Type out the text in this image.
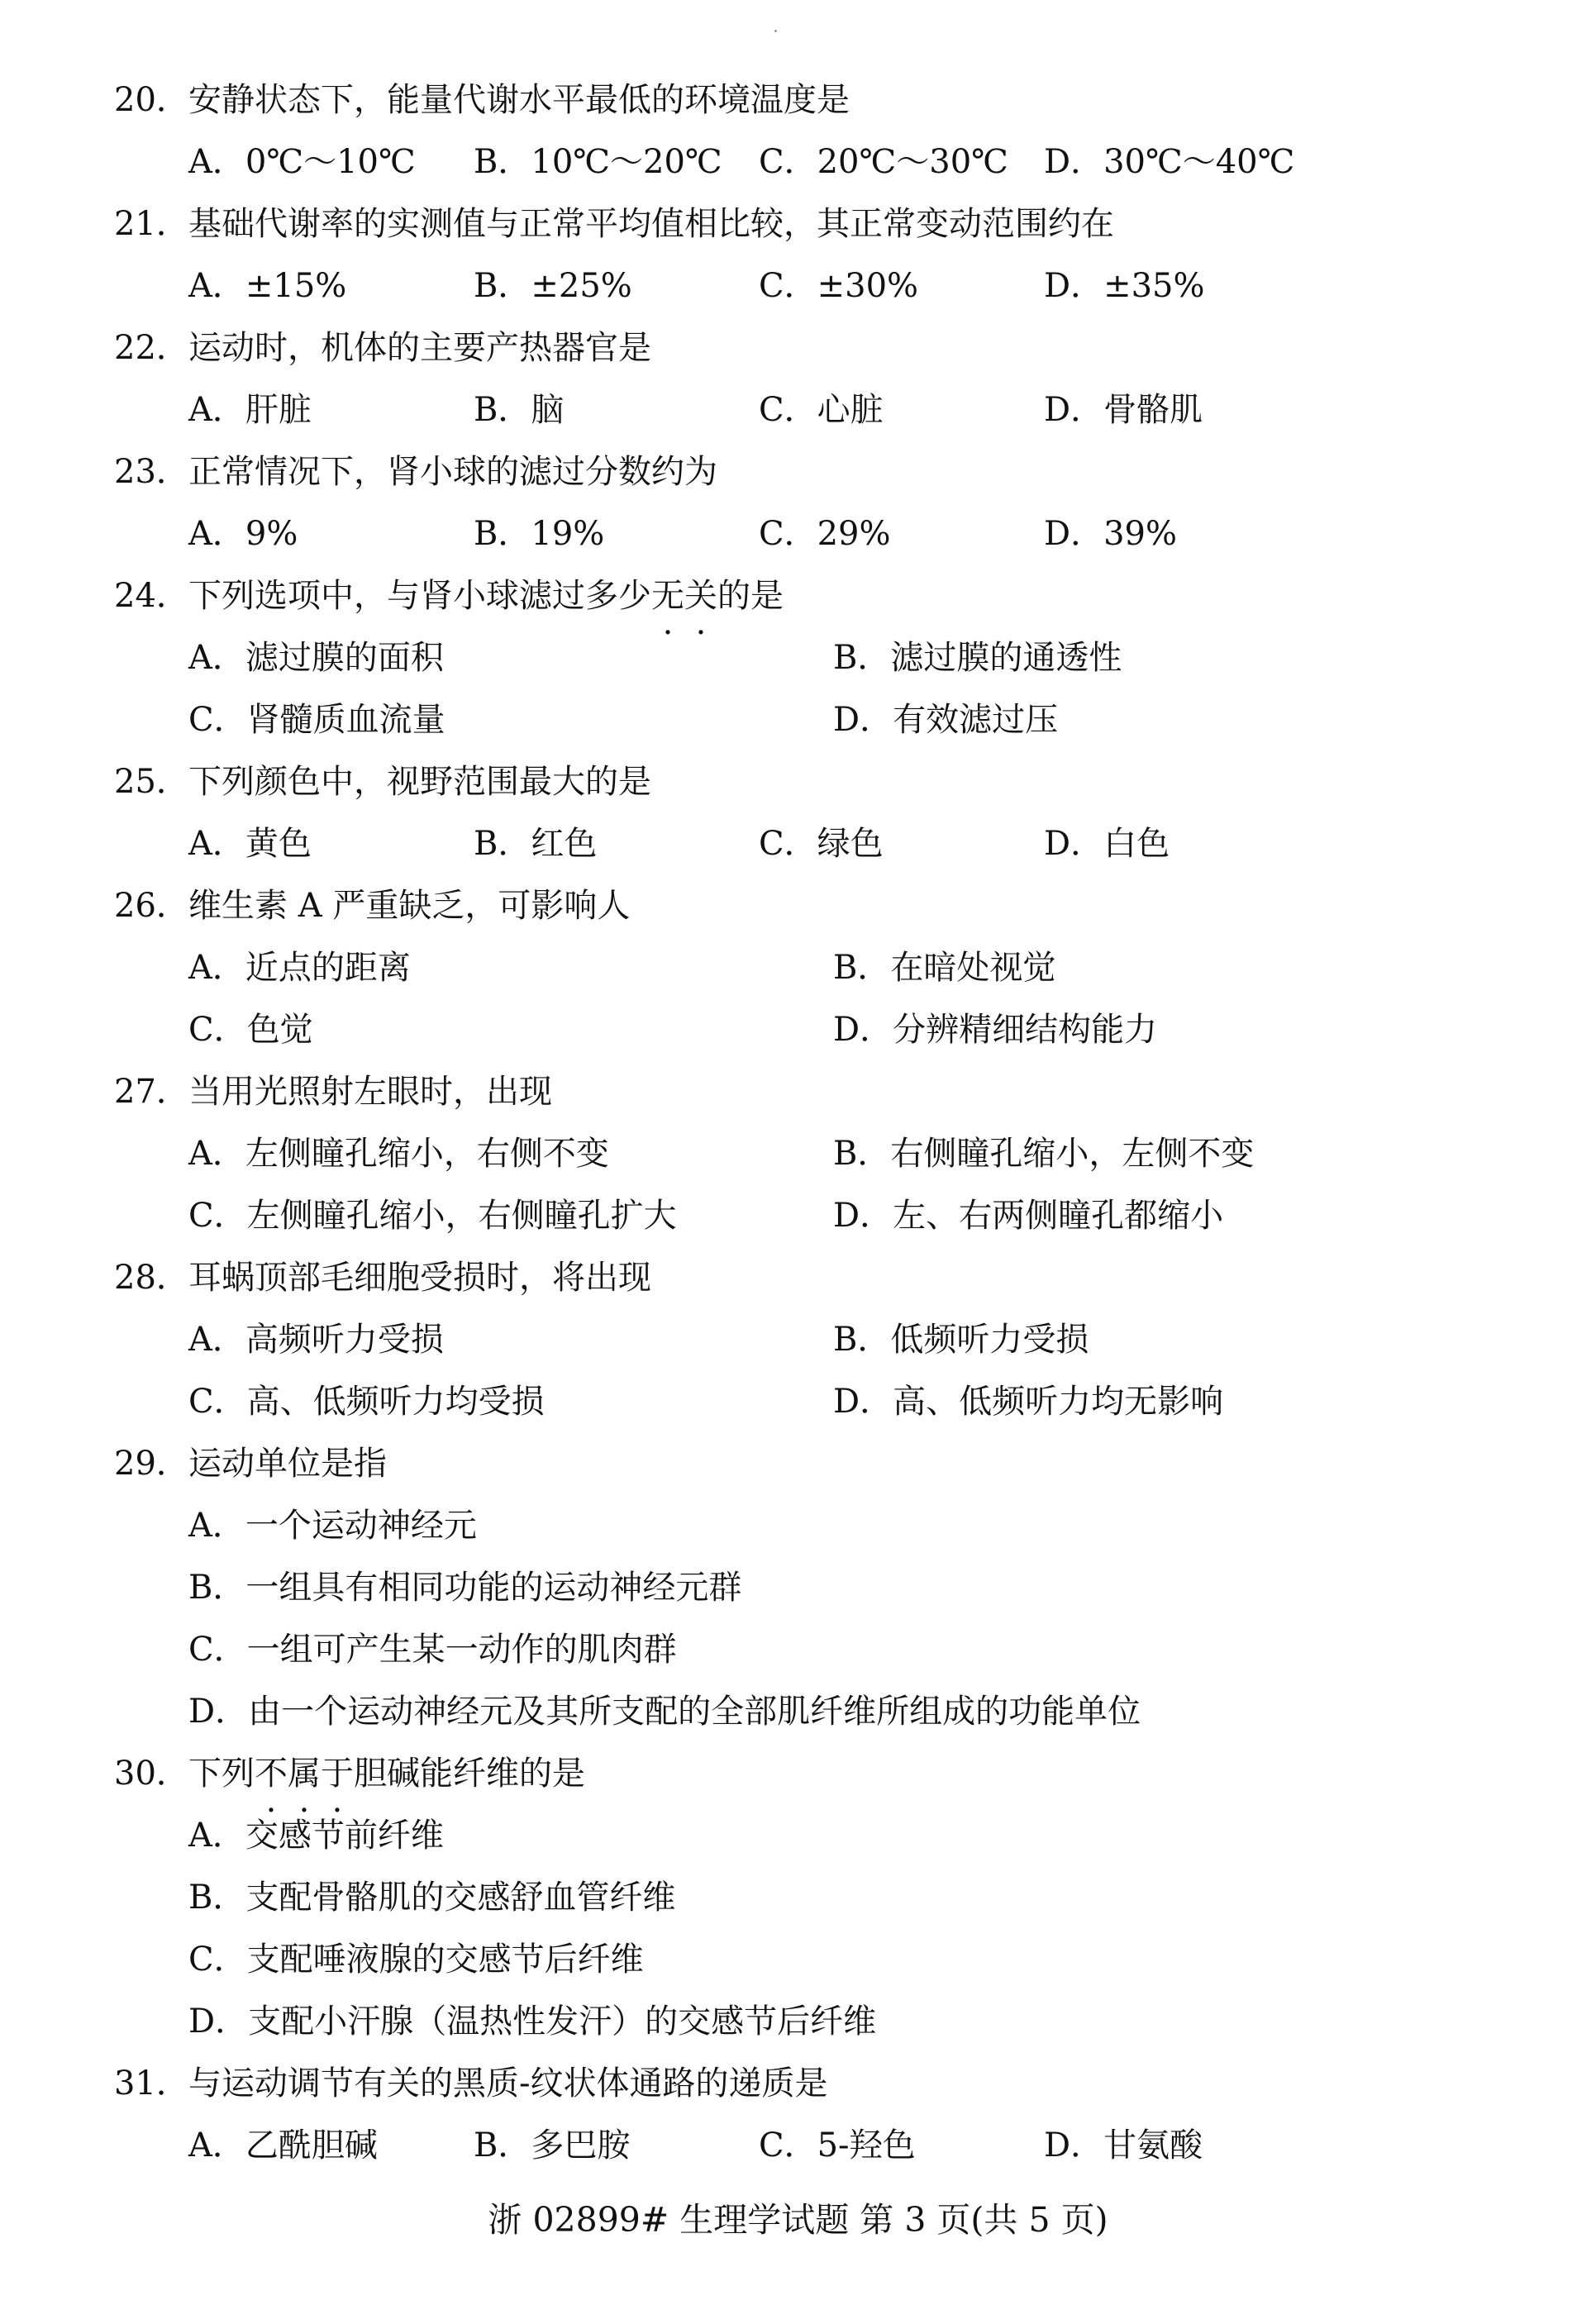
20． 安静状态下，能量代谢水平最低的环境温度是
A．0℃～10℃	B．10℃～20℃	C．20℃～30℃	D．30℃～40℃
21． 基础代谢率的实测值与正常平均值相比较，其正常变动范围约在
A．±15%	B．±25%	C．±30%	D．±35%
22． 运动时，机体的主要产热器官是
A．肝脏	B．脑	C．心脏	D．骨骼肌
23． 正常情况下，肾小球的滤过分数约为
A．9%	B．19%	C．29%	D．39%
24． 下列选项中，与肾小球滤过多少无关的是
A．滤过膜的面积	B．滤过膜的通透性
C．肾髓质血流量	D．有效滤过压
25． 下列颜色中，视野范围最大的是
A．黄色	B．红色	C．绿色	D．白色
26． 维生素 A 严重缺乏，可影响人
A．近点的距离	B．在暗处视觉
C．色觉	D．分辨精细结构能力
27． 当用光照射左眼时，出现
A．左侧瞳孔缩小，右侧不变	B．右侧瞳孔缩小，左侧不变
C．左侧瞳孔缩小，右侧瞳孔扩大	D．左、右两侧瞳孔都缩小
28． 耳蜗顶部毛细胞受损时，将出现
A．高频听力受损	B．低频听力受损
C．高、低频听力均受损	D．高、低频听力均无影响
29． 运动单位是指
A．一个运动神经元
B．一组具有相同功能的运动神经元群
C．一组可产生某一动作的肌肉群
D．由一个运动神经元及其所支配的全部肌纤维所组成的功能单位
30． 下列不属于胆碱能纤维的是
A．交感节前纤维
B．支配骨骼肌的交感舒血管纤维
C．支配唾液腺的交感节后纤维
D．支配小汗腺（温热性发汗）的交感节后纤维
31． 与运动调节有关的黑质-纹状体通路的递质是
A．乙酰胆碱	B．多巴胺	C．5-羟色	D．甘氨酸
浙 02899# 生理学试题 第 3 页(共 5 页)
